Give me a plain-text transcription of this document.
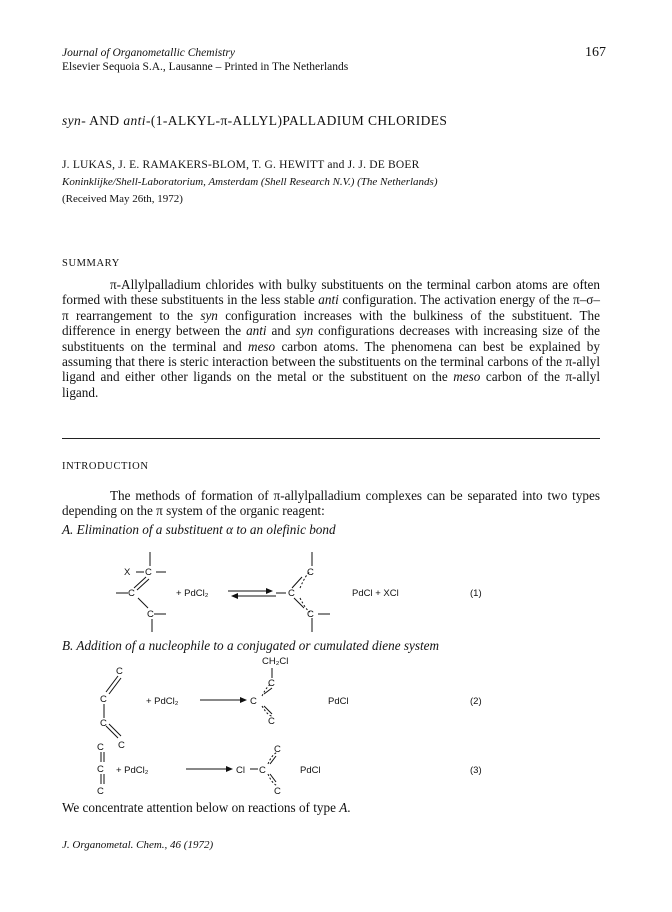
Journal of Organometallic Chemistry
Elsevier Sequoia S.A., Lausanne – Printed in The Netherlands
167
syn- AND anti-(1-ALKYL-π-ALLYL)PALLADIUM CHLORIDES
J. LUKAS, J. E. RAMAKERS-BLOM, T. G. HEWITT and J. J. DE BOER
Koninklijke/Shell-Laboratorium, Amsterdam (Shell Research N.V.) (The Netherlands)
(Received May 26th, 1972)
SUMMARY
π-Allylpalladium chlorides with bulky substituents on the terminal carbon atoms are often formed with these substituents in the less stable anti configuration. The activation energy of the π–σ–π rearrangement to the syn configuration increases with the bulkiness of the substituent. The difference in energy between the anti and syn configurations decreases with increasing size of the substituents on the terminal and meso carbon atoms. The phenomena can best be explained by assuming that there is steric interaction between the substituents on the terminal carbons of the π-allyl ligand and either other ligands on the metal or the substituent on the meso carbon of the π-allyl ligand.
INTRODUCTION
The methods of formation of π-allylpalladium complexes can be separated into two types depending on the π system of the organic reagent:
A. Elimination of a substituent α to an olefinic bond
B. Addition of a nucleophile to a conjugated or cumulated diene system
X C
C
C
+ PdCl₂	C
C
C
PdCl + XCl	(1)
C
C
C
C
+ PdCl₂
CH₂Cl
C
C
C
PdCl	(2)
C
C
C
+ PdCl₂	Cl
C
C
C
PdCl	(3)
We concentrate attention below on reactions of type A.
J. Organometal. Chem., 46 (1972)
